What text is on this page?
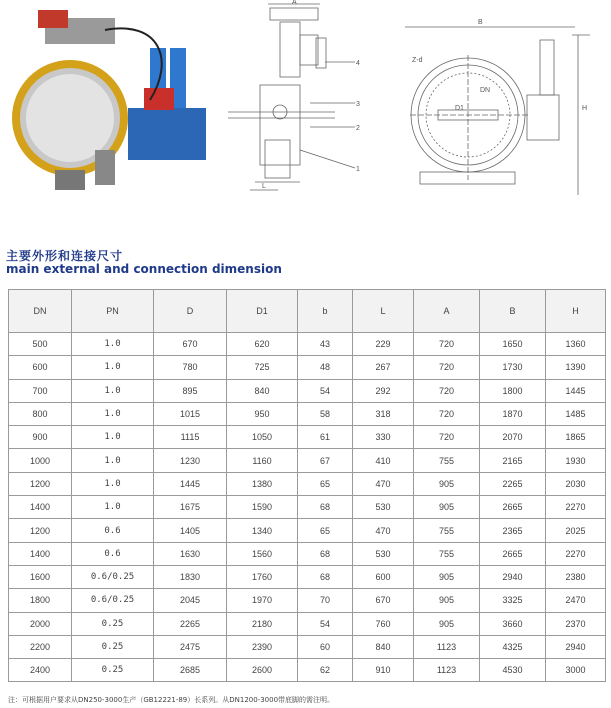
4
3
2
1
L
A
B
H
DN
D1
Z-d
主要外形和连接尺寸
main external and connection dimension
DN	PN	D	D1	b	L	A	B	H
500	1.0	670	620	43	229	720	1650	1360
600	1.0	780	725	48	267	720	1730	1390
700	1.0	895	840	54	292	720	1800	1445
800	1.0	1015	950	58	318	720	1870	1485
900	1.0	1115	1050	61	330	720	2070	1865
1000	1.0	1230	1160	67	410	755	2165	1930
1200	1.0	1445	1380	65	470	905	2265	2030
1400	1.0	1675	1590	68	530	905	2665	2270
1200	0.6	1405	1340	65	470	755	2365	2025
1400	0.6	1630	1560	68	530	755	2665	2270
1600	0.6/0.25	1830	1760	68	600	905	2940	2380
1800	0.6/0.25	2045	1970	70	670	905	3325	2470
2000	0.25	2265	2180	54	760	905	3660	2370
2200	0.25	2475	2390	60	840	1123	4325	2940
2400	0.25	2685	2600	62	910	1123	4530	3000
注：可根据用户要求从DN250-3000生产（GB12221-89）长系列。从DN1200-3000带底脚的需注明。
